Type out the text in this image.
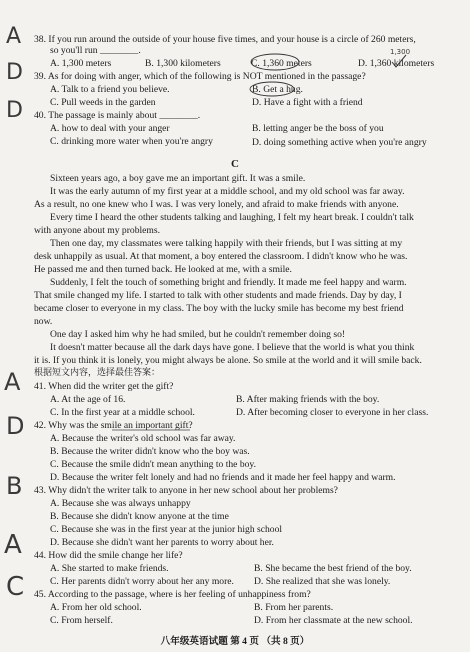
38. If you run around the outside of your house five times, and your house is a circle of 260 meters,
so you'll run ________.
A. 1,300 meters	B. 1,300 kilometers	C. 1,360 meters	D. 1,360 kilometers
39. As for doing with anger, which of the following is NOT mentioned in the passage?
A. Talk to a friend you believe.	B. Get a hug.
C. Pull weeds in the garden	D. Have a fight with a friend
40. The passage is mainly about ________.
A. how to deal with your anger	B. letting anger be the boss of you
C. drinking more water when you're angry	D. doing something active when you're angry
C
Sixteen years ago, a boy gave me an important gift. It was a smile.
It was the early autumn of my first year at a middle school, and my old school was far away.
As a result, no one knew who I was. I was very lonely, and afraid to make friends with anyone.
Every time I heard the other students talking and laughing, I felt my heart break. I couldn't talk
with anyone about my problems.
Then one day, my classmates were talking happily with their friends, but I was sitting at my
desk unhappily as usual. At that moment, a boy entered the classroom. I didn't know who he was.
He passed me and then turned back. He looked at me, with a smile.
Suddenly, I felt the touch of something bright and friendly. It made me feel happy and warm.
That smile changed my life. I started to talk with other students and made friends. Day by day, I
became closer to everyone in my class. The boy with the lucky smile has become my best friend
now.
One day I asked him why he had smiled, but he couldn't remember doing so!
It doesn't matter because all the dark days have gone. I believe that the world is what you think
it is. If you think it is lonely, you might always be alone. So smile at the world and it will smile back.
根据短文内容，选择最佳答案：
41. When did the writer get the gift?
A. At the age of 16.	B. After making friends with the boy.
C. In the first year at a middle school.	D. After becoming closer to everyone in her class.
42. Why was the smile an important gift?
A. Because the writer's old school was far away.
B. Because the writer didn't know who the boy was.
C. Because the smile didn't mean anything to the boy.
D. Because the writer felt lonely and had no friends and it made her feel happy and warm.
43. Why didn't the writer talk to anyone in her new school about her problems?
A. Because she was always unhappy
B. Because she didn't know anyone at the time
C. Because she was in the first year at the junior high school
D. Because she didn't want her parents to worry about her.
44. How did the smile change her life?
A. She started to make friends.	B. She became the best friend of the boy.
C. Her parents didn't worry about her any more. D. She realized that she was lonely.
45. According to the passage, where is her feeling of unhappiness from?
A. From her old school.	B. From her parents.
C. From herself.	D. From her classmate at the new school.
八年级英语试题 第 4 页 （共 8 页）
A
D
D
A
D
B
A
C
1,300
